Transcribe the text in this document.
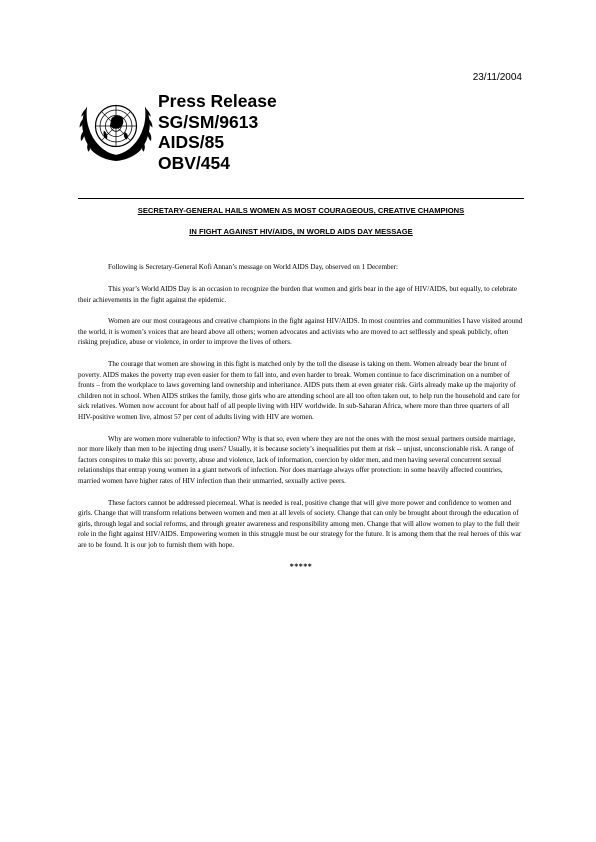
23/11/2004
Press Release
SG/SM/9613
AIDS/85
OBV/454
SECRETARY-GENERAL HAILS WOMEN AS MOST COURAGEOUS, CREATIVE CHAMPIONS
IN FIGHT AGAINST HIV/AIDS, IN WORLD AIDS DAY MESSAGE

Following is Secretary-General Kofi Annan’s message on World AIDS Day, observed on 1 December:

This year’s World AIDS Day is an occasion to recognize the burden that women and girls bear in the age of HIV/AIDS, but equally, to celebrate their achievements in the fight against the epidemic.

Women are our most courageous and creative champions in the fight against HIV/AIDS. In most countries and communities I have visited around the world, it is women’s voices that are heard above all others; women advocates and activists who are moved to act selflessly and speak publicly, often risking prejudice, abuse or violence, in order to improve the lives of others.

The courage that women are showing in this fight is matched only by the toll the disease is taking on them. Women already bear the brunt of poverty. AIDS makes the poverty trap even easier for them to fall into, and even harder to break. Women continue to face discrimination on a number of fronts – from the workplace to laws governing land ownership and inheritance. AIDS puts them at even greater risk. Girls already make up the majority of children not in school. When AIDS strikes the family, those girls who are attending school are all too often taken out, to help run the household and care for sick relatives. Women now account for about half of all people living with HIV worldwide. In sub-Saharan Africa, where more than three quarters of all HIV-positive women live, almost 57 per cent of adults living with HIV are women.

Why are women more vulnerable to infection? Why is that so, even where they are not the ones with the most sexual partners outside marriage, nor more likely than men to be injecting drug users? Usually, it is because society’s inequalities put them at risk -- unjust, unconscionable risk. A range of factors conspires to make this so: poverty, abuse and violence, lack of information, coercion by older men, and men having several concurrent sexual relationships that entrap young women in a giant network of infection. Nor does marriage always offer protection: in some heavily affected countries, married women have higher rates of HIV infection than their unmarried, sexually active peers.

These factors cannot be addressed piecemeal. What is needed is real, positive change that will give more power and confidence to women and girls. Change that will transform relations between women and men at all levels of society. Change that can only be brought about through the education of girls, through legal and social reforms, and through greater awareness and responsibility among men. Change that will allow women to play to the full their role in the fight against HIV/AIDS. Empowering women in this struggle must be our strategy for the future. It is among them that the real heroes of this war are to be found. It is our job to furnish them with hope.

*****
